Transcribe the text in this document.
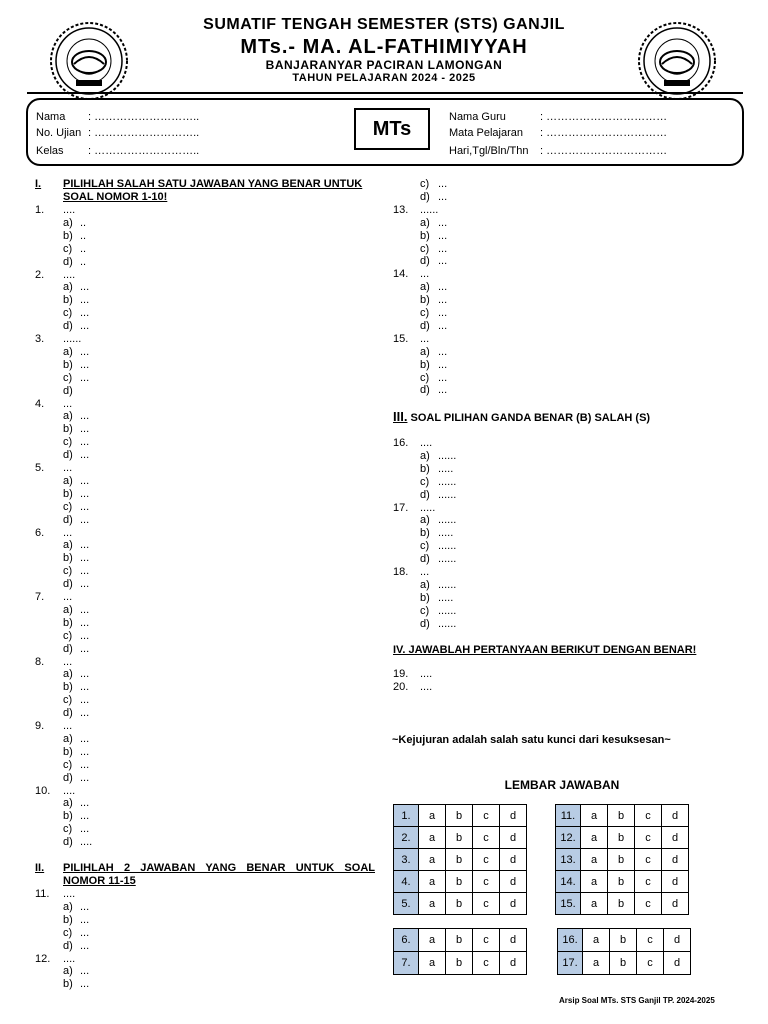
SUMATIF TENGAH SEMESTER (STS) GANJIL
MTs.- MA. AL-FATHIMIYYAH
BANJARANYAR PACIRAN LAMONGAN
TAHUN PELAJARAN 2024 - 2025
MTs
Nama : ………………………..
No. Ujian : ………………………..
Kelas : ………………………..
Nama Guru	: ……………………………
Mata Pelajaran : ……………………………
Hari,Tgl/Bln/Thn : ……………………………
I. PILIHLAH SALAH SATU JAWABAN YANG BENAR UNTUK
SOAL NOMOR 1-10!
II. PILIHLAH 2 JAWABAN YANG BENAR UNTUK SOAL
NOMOR 11-15
III. SOAL PILIHAN GANDA BENAR (B) SALAH (S)
IV. JAWABLAH PERTANYAAN BERIKUT DENGAN BENAR!
1. ....
a) ..
b) ..
c) ..
d) ..
2. ....
a) ...
b) ...
c) ...
d) ...
3. ......
a) ...
b) ...
c) ...
d)
4. ...
a) ...
b) ...
c) ...
d) ...
5. ...
a) ...
b) ...
c) ...
d) ...
6. ...
a) ...
b) ...
c) ...
d) ...
7. ...
a) ...
b) ...
c) ...
d) ...
8. ...
a) ...
b) ...
c) ...
d) ...
9. ...
a) ...
b) ...
c) ...
d) ...
10. ....
a) ...
b) ...
c) ...
d) ....
11. ....
a) ...
b) ...
c) ...
d) ...
12. ....
a) ...
b) ...
c) ...
d) ...
13. ......
a) ...
b) ...
c) ...
d) ...
14. ...
a) ...
b) ...
c) ...
d) ...
15. ...
a) ...
b) ...
c) ...
d) ...
16. ....
a) ......
b) .....
c) ......
d) ......
17. .....
a) ......
b) .....
c) ......
d) ......
18. ...
a) ......
b) .....
c) ......
d) ......
19. ....
20. ....
~Kejujuran adalah salah satu kunci dari kesuksesan~
LEMBAR JAWABAN
1.	a	b	c	d
2.	a	b	c	d
3.	a	b	c	d
4.	a	b	c	d
5.	a	b	c	d
11.	a	b	c	d
12.	a	b	c	d
13.	a	b	c	d
14.	a	b	c	d
15.	a	b	c	d
6.	a	b	c	d
7.	a	b	c	d
16.	a	b	c	d
17.	a	b	c	d
Arsip Soal MTs. STS Ganjil TP. 2024-2025
